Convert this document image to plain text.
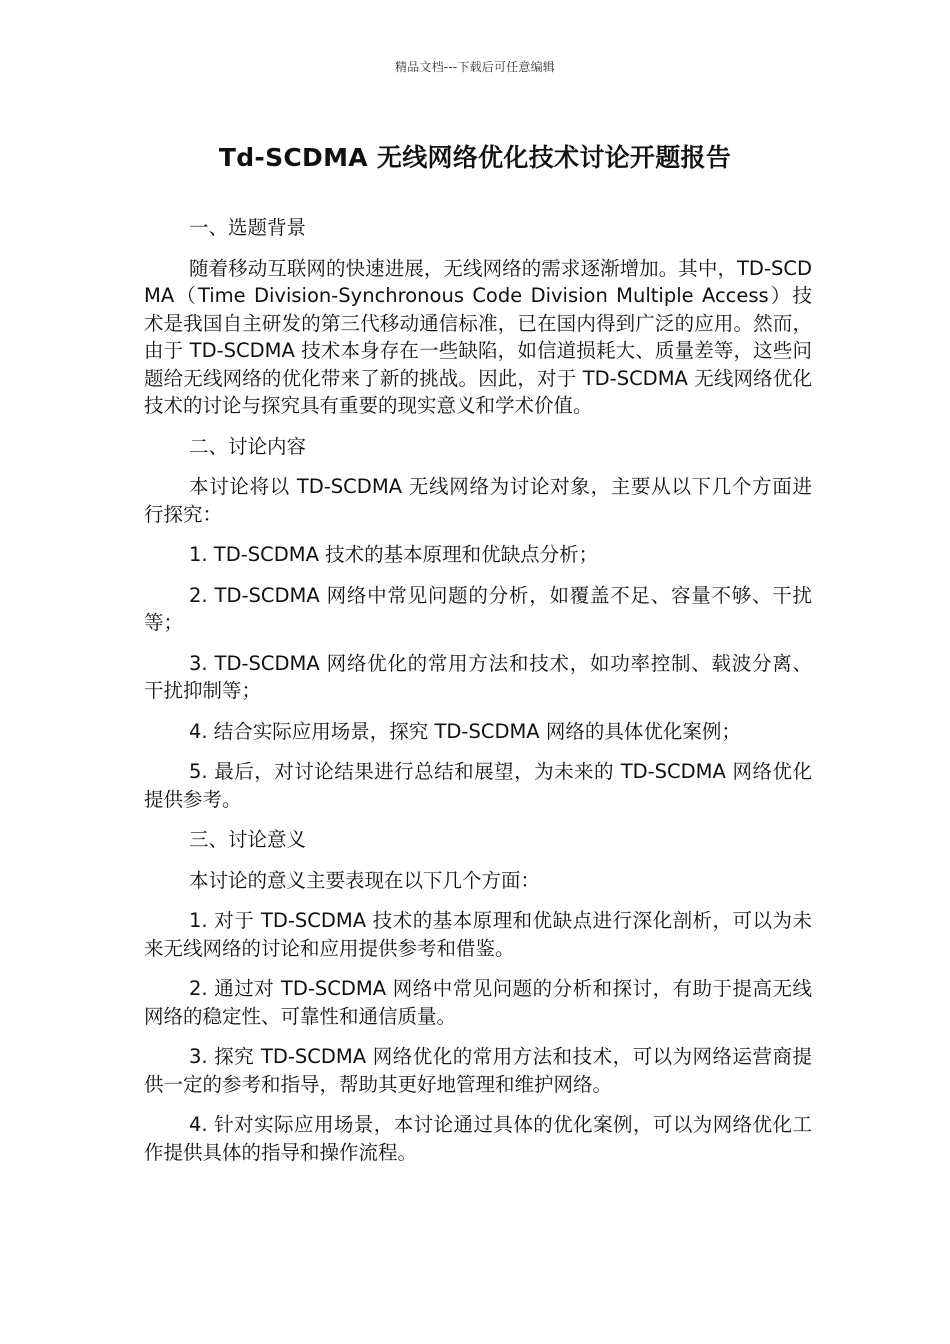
精品文档---下载后可任意编辑
Td-SCDMA 无线网络优化技术讨论开题报告

一、选题背景

随着移动互联网的快速进展，无线网络的需求逐渐增加。其中，TD-SCDMA（Time Division-Synchronous Code Division Multiple Access）技术是我国自主研发的第三代移动通信标准，已在国内得到广泛的应用。然而，由于 TD-SCDMA 技术本身存在一些缺陷，如信道损耗大、质量差等，这些问题给无线网络的优化带来了新的挑战。因此，对于 TD-SCDMA 无线网络优化技术的讨论与探究具有重要的现实意义和学术价值。

二、讨论内容

本讨论将以 TD-SCDMA 无线网络为讨论对象，主要从以下几个方面进行探究：

1. TD-SCDMA 技术的基本原理和优缺点分析；

2. TD-SCDMA 网络中常见问题的分析，如覆盖不足、容量不够、干扰等；

3. TD-SCDMA 网络优化的常用方法和技术，如功率控制、载波分离、干扰抑制等；

4. 结合实际应用场景，探究 TD-SCDMA 网络的具体优化案例；

5. 最后，对讨论结果进行总结和展望，为未来的 TD-SCDMA 网络优化提供参考。

三、讨论意义

本讨论的意义主要表现在以下几个方面：

1. 对于 TD-SCDMA 技术的基本原理和优缺点进行深化剖析，可以为未来无线网络的讨论和应用提供参考和借鉴。

2. 通过对 TD-SCDMA 网络中常见问题的分析和探讨，有助于提高无线网络的稳定性、可靠性和通信质量。

3. 探究 TD-SCDMA 网络优化的常用方法和技术，可以为网络运营商提供一定的参考和指导，帮助其更好地管理和维护网络。

4. 针对实际应用场景，本讨论通过具体的优化案例，可以为网络优化工作提供具体的指导和操作流程。
